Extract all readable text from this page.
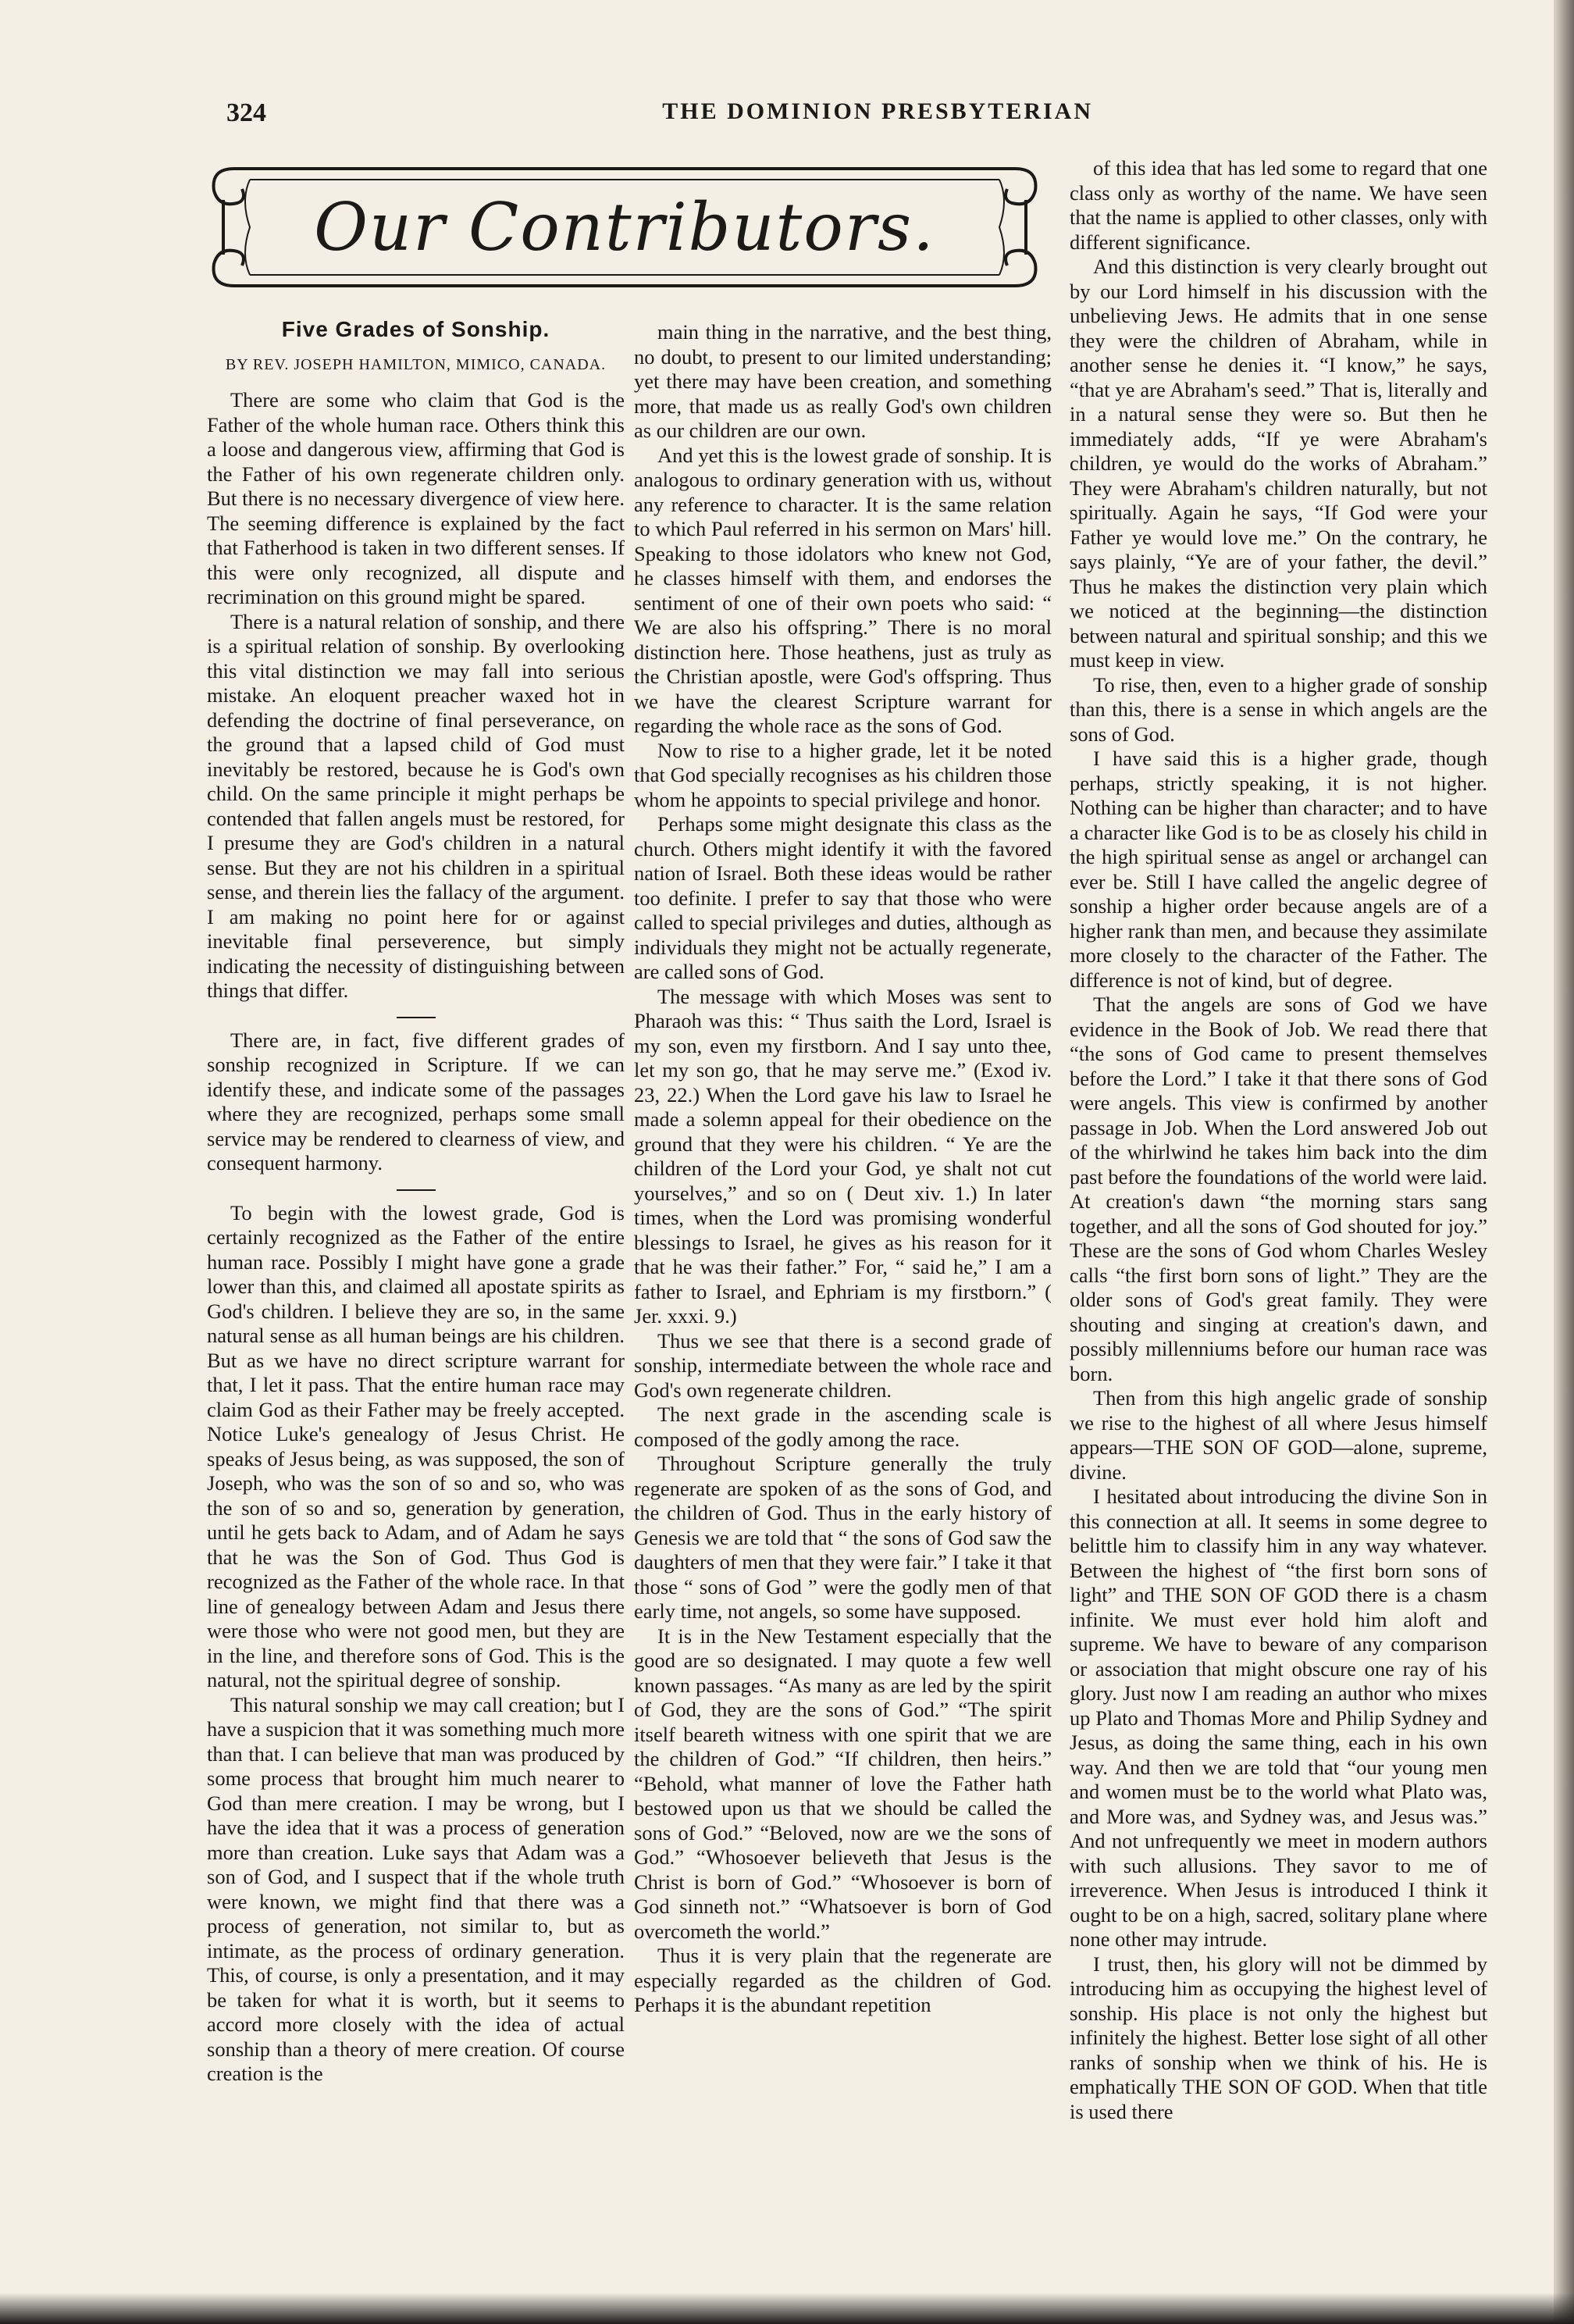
324	THE DOMINION PRESBYTERIAN
Our Contributors.

Five Grades of Sonship.

BY REV. JOSEPH HAMILTON, MIMICO, CANADA.

There are some who claim that God is the Father of the whole human race. Others think this a loose and dangerous view, affirming that God is the Father of his own regenerate children only. But there is no necessary divergence of view here. The seeming difference is explained by the fact that Fatherhood is taken in two different senses. If this were only recognized, all dispute and recrimination on this ground might be spared.

There is a natural relation of sonship, and there is a spiritual relation of sonship. By overlooking this vital distinction we may fall into serious mistake. An eloquent preacher waxed hot in defending the doctrine of final perseverance, on the ground that a lapsed child of God must inevitably be restored, because he is God's own child. On the same principle it might perhaps be contended that fallen angels must be restored, for I presume they are God's children in a natural sense. But they are not his children in a spiritual sense, and therein lies the fallacy of the argument. I am making no point here for or against inevitable final perseverence, but simply indicating the necessity of distinguishing between things that differ.

There are, in fact, five different grades of sonship recognized in Scripture. If we can identify these, and indicate some of the passages where they are recognized, perhaps some small service may be rendered to clearness of view, and consequent harmony.

To begin with the lowest grade, God is certainly recognized as the Father of the entire human race. Possibly I might have gone a grade lower than this, and claimed all apostate spirits as God's children. I believe they are so, in the same natural sense as all human beings are his children. But as we have no direct scripture warrant for that, I let it pass. That the entire human race may claim God as their Father may be freely accepted. Notice Luke's genealogy of Jesus Christ. He speaks of Jesus being, as was supposed, the son of Joseph, who was the son of so and so, who was the son of so and so, generation by generation, until he gets back to Adam, and of Adam he says that he was the Son of God. Thus God is recognized as the Father of the whole race. In that line of genealogy between Adam and Jesus there were those who were not good men, but they are in the line, and therefore sons of God. This is the natural, not the spiritual degree of sonship.

This natural sonship we may call creation; but I have a suspicion that it was something much more than that. I can believe that man was produced by some process that brought him much nearer to God than mere creation. I may be wrong, but I have the idea that it was a process of generation more than creation. Luke says that Adam was a son of God, and I suspect that if the whole truth were known, we might find that there was a process of generation, not similar to, but as intimate, as the process of ordinary generation. This, of course, is only a presentation, and it may be taken for what it is worth, but it seems to accord more closely with the idea of actual sonship than a theory of mere creation. Of course creation is the

main thing in the narrative, and the best thing, no doubt, to present to our limited understanding; yet there may have been creation, and something more, that made us as really God's own children as our children are our own.

And yet this is the lowest grade of sonship. It is analogous to ordinary generation with us, without any reference to character. It is the same relation to which Paul referred in his sermon on Mars' hill. Speaking to those idolators who knew not God, he classes himself with them, and endorses the sentiment of one of their own poets who said: “ We are also his offspring.” There is no moral distinction here. Those heathens, just as truly as the Christian apostle, were God's offspring. Thus we have the clearest Scripture warrant for regarding the whole race as the sons of God.

Now to rise to a higher grade, let it be noted that God specially recognises as his children those whom he appoints to special privilege and honor.

Perhaps some might designate this class as the church. Others might identify it with the favored nation of Israel. Both these ideas would be rather too definite. I prefer to say that those who were called to special privileges and duties, although as individuals they might not be actually regenerate, are called sons of God.

The message with which Moses was sent to Pharaoh was this: “ Thus saith the Lord, Israel is my son, even my firstborn. And I say unto thee, let my son go, that he may serve me.” (Exod iv. 23, 22.) When the Lord gave his law to Israel he made a solemn appeal for their obedience on the ground that they were his children. “ Ye are the children of the Lord your God, ye shalt not cut yourselves,” and so on ( Deut xiv. 1.) In later times, when the Lord was promising wonderful blessings to Israel, he gives as his reason for it that he was their father.” For, “ said he,” I am a father to Israel, and Ephriam is my firstborn.” ( Jer. xxxi. 9.)

Thus we see that there is a second grade of sonship, intermediate between the whole race and God's own regenerate children.

The next grade in the ascending scale is composed of the godly among the race.

Throughout Scripture generally the truly regenerate are spoken of as the sons of God, and the children of God. Thus in the early history of Genesis we are told that “ the sons of God saw the daughters of men that they were fair.” I take it that those “ sons of God ” were the godly men of that early time, not angels, so some have supposed.

It is in the New Testament especially that the good are so designated. I may quote a few well known passages. “As many as are led by the spirit of God, they are the sons of God.” “The spirit itself beareth witness with one spirit that we are the children of God.” “If children, then heirs.” “Behold, what manner of love the Father hath bestowed upon us that we should be called the sons of God.” “Beloved, now are we the sons of God.” “Whosoever believeth that Jesus is the Christ is born of God.” “Whosoever is born of God sinneth not.” “Whatsoever is born of God overcometh the world.”

Thus it is very plain that the regenerate are especially regarded as the children of God. Perhaps it is the abundant repetition

of this idea that has led some to regard that one class only as worthy of the name. We have seen that the name is applied to other classes, only with different significance.

And this distinction is very clearly brought out by our Lord himself in his discussion with the unbelieving Jews. He admits that in one sense they were the children of Abraham, while in another sense he denies it. “I know,” he says, “that ye are Abraham's seed.” That is, literally and in a natural sense they were so. But then he immediately adds, “If ye were Abraham's children, ye would do the works of Abraham.” They were Abraham's children naturally, but not spiritually. Again he says, “If God were your Father ye would love me.” On the contrary, he says plainly, “Ye are of your father, the devil.” Thus he makes the distinction very plain which we noticed at the beginning—the distinction between natural and spiritual sonship; and this we must keep in view.

To rise, then, even to a higher grade of sonship than this, there is a sense in which angels are the sons of God.

I have said this is a higher grade, though perhaps, strictly speaking, it is not higher. Nothing can be higher than character; and to have a character like God is to be as closely his child in the high spiritual sense as angel or archangel can ever be. Still I have called the angelic degree of sonship a higher order because angels are of a higher rank than men, and because they assimilate more closely to the character of the Father. The difference is not of kind, but of degree.

That the angels are sons of God we have evidence in the Book of Job. We read there that “the sons of God came to present themselves before the Lord.” I take it that there sons of God were angels. This view is confirmed by another passage in Job. When the Lord answered Job out of the whirlwind he takes him back into the dim past before the foundations of the world were laid. At creation's dawn “the morning stars sang together, and all the sons of God shouted for joy.” These are the sons of God whom Charles Wesley calls “the first born sons of light.” They are the older sons of God's great family. They were shouting and singing at creation's dawn, and possibly millenniums before our human race was born.

Then from this high angelic grade of sonship we rise to the highest of all where Jesus himself appears—THE SON OF GOD—alone, supreme, divine.

I hesitated about introducing the divine Son in this connection at all. It seems in some degree to belittle him to classify him in any way whatever. Between the highest of “the first born sons of light” and THE SON OF GOD there is a chasm infinite. We must ever hold him aloft and supreme. We have to beware of any comparison or association that might obscure one ray of his glory. Just now I am reading an author who mixes up Plato and Thomas More and Philip Sydney and Jesus, as doing the same thing, each in his own way. And then we are told that “our young men and women must be to the world what Plato was, and More was, and Sydney was, and Jesus was.” And not unfrequently we meet in modern authors with such allusions. They savor to me of irreverence. When Jesus is introduced I think it ought to be on a high, sacred, solitary plane where none other may intrude.

I trust, then, his glory will not be dimmed by introducing him as occupying the highest level of sonship. His place is not only the highest but infinitely the highest. Better lose sight of all other ranks of sonship when we think of his. He is emphatically THE SON OF GOD. When that title is used there
